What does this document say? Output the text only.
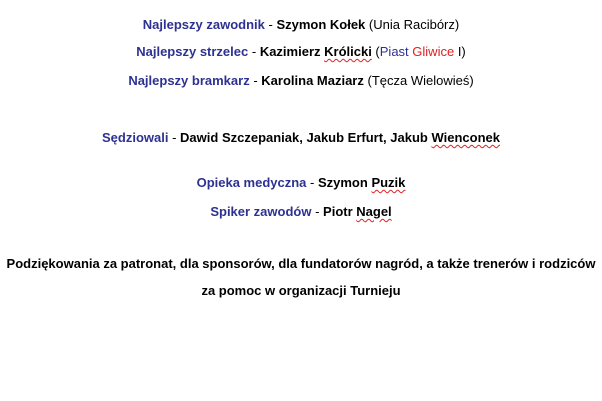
Najlepszy zawodnik - Szymon Kołek (Unia Racibórz)
Najlepszy strzelec - Kazimierz Królicki (Piast Gliwice I)
Najlepszy bramkarz - Karolina Maziarz (Tęcza Wielowieś)
Sędziowali - Dawid Szczepaniak, Jakub Erfurt, Jakub Wienconek
Opieka medyczna - Szymon Puzik
Spiker zawodów - Piotr Nagel
Podziękowania za patronat, dla sponsorów, dla fundatorów nagród, a także trenerów i rodziców
za pomoc w organizacji Turnieju
